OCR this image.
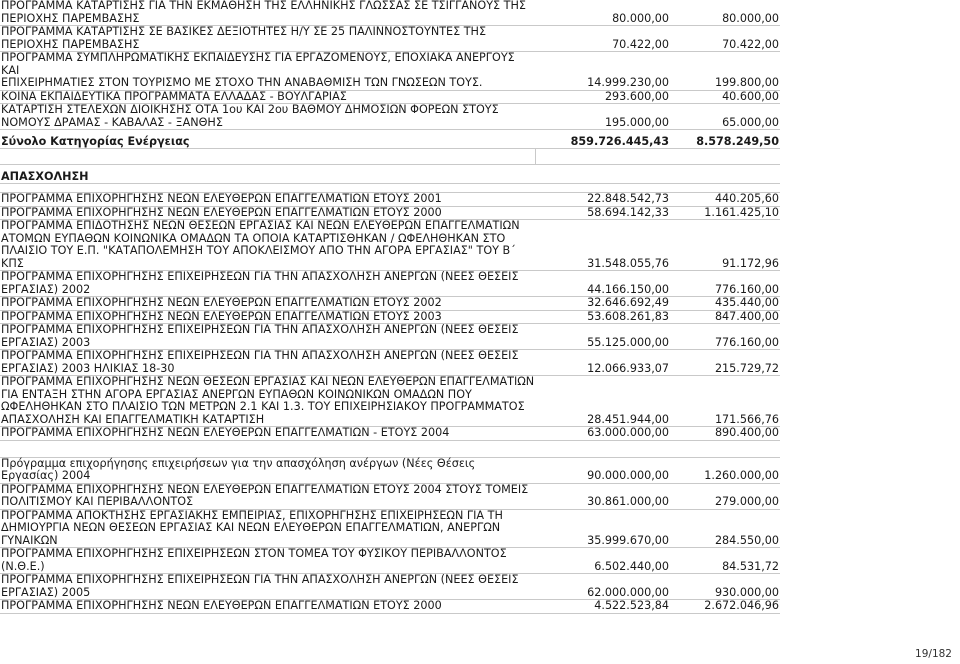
ΠΡΟΓΡΑΜΜΑ ΚΑΤΑΡΤΙΣΗΣ ΓΙΑ ΤΗΝ ΕΚΜΑΘΗΣΗ ΤΗΣ ΕΛΛΗΝΙΚΗΣ ΓΛΩΣΣΑΣ ΣΕ ΤΣΙΓΓΑΝΟΥΣ ΤΗΣ
ΠΕΡΙΟΧΗΣ ΠΑΡΕΜΒΑΣΗΣ	80.000,00	80.000,00
ΠΡΟΓΡΑΜΜΑ ΚΑΤΑΡΤΙΣΗΣ ΣΕ ΒΑΣΙΚΕΣ ΔΕΞΙΟΤΗΤΕΣ Η/Υ ΣΕ 25 ΠΑΛΙΝΝΟΣΤΟΥΝΤΕΣ ΤΗΣ
ΠΕΡΙΟΧΗΣ ΠΑΡΕΜΒΑΣΗΣ	70.422,00	70.422,00
ΠΡΟΓΡΑΜΜΑ ΣΥΜΠΛΗΡΩΜΑΤΙΚΗΣ ΕΚΠΑΙΔΕΥΣΗΣ ΓΙΑ ΕΡΓΑΖΟΜΕΝΟΥΣ, ΕΠΟΧΙΑΚΑ ΑΝΕΡΓΟΥΣ ΚΑΙ
ΕΠΙΧΕΙΡΗΜΑΤΙΕΣ ΣΤΟΝ ΤΟΥΡΙΣΜΟ ΜΕ ΣΤΟΧΟ ΤΗΝ ΑΝΑΒΑΘΜΙΣΗ ΤΩΝ ΓΝΩΣΕΩΝ ΤΟΥΣ.	14.999.230,00	199.800,00
ΚΟΙΝΑ ΕΚΠΑΙΔΕΥΤΙΚΑ ΠΡΟΓΡΑΜΜΑΤΑ ΕΛΛΑΔΑΣ - ΒΟΥΛΓΑΡΙΑΣ	293.600,00	40.600,00
ΚΑΤΑΡΤΙΣΗ ΣΤΕΛΕΧΩΝ ΔΙΟΙΚΗΣΗΣ ΟΤΑ 1ου ΚΑΙ 2ου ΒΑΘΜΟΥ ΔΗΜΟΣΙΩΝ ΦΟΡΕΩΝ ΣΤΟΥΣ
ΝΟΜΟΥΣ ΔΡΑΜΑΣ - ΚΑΒΑΛΑΣ - ΞΑΝΘΗΣ	195.000,00	65.000,00
Σύνολο Κατηγορίας Ενέργειας	859.726.445,43	8.578.249,50

ΑΠΑΣΧΟΛΗΣΗ		

ΠΡΟΓΡΑΜΜΑ ΕΠΙΧΟΡΗΓΗΣΗΣ ΝΕΩΝ ΕΛΕΥΘΕΡΩΝ ΕΠΑΓΓΕΛΜΑΤΙΩΝ ΕΤΟΥΣ 2001	22.848.542,73	440.205,60
ΠΡΟΓΡΑΜΜΑ ΕΠΙΧΟΡΗΓΗΣΗΣ ΝΕΩΝ ΕΛΕΥΘΕΡΩΝ ΕΠΑΓΓΕΛΜΑΤΙΩΝ ΕΤΟΥΣ 2000	58.694.142,33	1.161.425,10
ΠΡΟΓΡΑΜΜΑ ΕΠΙΔΟΤΗΣΗΣ ΝΕΩΝ ΘΕΣΕΩΝ ΕΡΓΑΣΙΑΣ ΚΑΙ ΝΕΩΝ ΕΛΕΥΘΕΡΩΝ ΕΠΑΓΓΕΛΜΑΤΙΩΝ
ΑΤΟΜΩΝ ΕΥΠΑΘΩΝ ΚΟΙΝΩΝΙΚΑ ΟΜΑΔΩΝ ΤΑ ΟΠΟΙΑ ΚΑΤΑΡΤΙΣΘΗΚΑΝ / ΩΦΕΛΗΘΗΚΑΝ ΣΤΟ
ΠΛΑΙΣΙΟ ΤΟΥ Ε.Π. "ΚΑΤΑΠΟΛΕΜΗΣΗ ΤΟΥ ΑΠΟΚΛΕΙΣΜΟΥ ΑΠΟ ΤΗΝ ΑΓΟΡΑ ΕΡΓΑΣΙΑΣ" ΤΟΥ Β΄
ΚΠΣ	31.548.055,76	91.172,96
ΠΡΟΓΡΑΜΜΑ ΕΠΙΧΟΡΗΓΗΣΗΣ ΕΠΙΧΕΙΡΗΣΕΩΝ ΓΙΑ ΤΗΝ ΑΠΑΣΧΟΛΗΣΗ ΑΝΕΡΓΩΝ (ΝΕΕΣ ΘΕΣΕΙΣ
ΕΡΓΑΣΙΑΣ) 2002	44.166.150,00	776.160,00
ΠΡΟΓΡΑΜΜΑ ΕΠΙΧΟΡΗΓΗΣΗΣ ΝΕΩΝ ΕΛΕΥΘΕΡΩΝ ΕΠΑΓΓΕΛΜΑΤΙΩΝ ΕΤΟΥΣ 2002	32.646.692,49	435.440,00
ΠΡΟΓΡΑΜΜΑ ΕΠΙΧΟΡΗΓΗΣΗΣ ΝΕΩΝ ΕΛΕΥΘΕΡΩΝ ΕΠΑΓΓΕΛΜΑΤΙΩΝ ΕΤΟΥΣ 2003	53.608.261,83	847.400,00
ΠΡΟΓΡΑΜΜΑ ΕΠΙΧΟΡΗΓΗΣΗΣ ΕΠΙΧΕΙΡΗΣΕΩΝ ΓΙΑ ΤΗΝ ΑΠΑΣΧΟΛΗΣΗ ΑΝΕΡΓΩΝ (ΝΕΕΣ ΘΕΣΕΙΣ
ΕΡΓΑΣΙΑΣ) 2003	55.125.000,00	776.160,00
ΠΡΟΓΡΑΜΜΑ ΕΠΙΧΟΡΗΓΗΣΗΣ ΕΠΙΧΕΙΡΗΣΕΩΝ ΓΙΑ ΤΗΝ ΑΠΑΣΧΟΛΗΣΗ ΑΝΕΡΓΩΝ (ΝΕΕΣ ΘΕΣΕΙΣ
ΕΡΓΑΣΙΑΣ) 2003 ΗΛΙΚΙΑΣ 18-30	12.066.933,07	215.729,72
ΠΡΟΓΡΑΜΜΑ ΕΠΙΧΟΡΗΓΗΣΗΣ ΝΕΩΝ ΘΕΣΕΩΝ ΕΡΓΑΣΙΑΣ ΚΑΙ ΝΕΩΝ ΕΛΕΥΘΕΡΩΝ ΕΠΑΓΓΕΛΜΑΤΙΩΝ
ΓΙΑ ΕΝΤΑΞΗ ΣΤΗΝ ΑΓΟΡΑ ΕΡΓΑΣΙΑΣ ΑΝΕΡΓΩΝ ΕΥΠΑΘΩΝ ΚΟΙΝΩΝΙΚΩΝ ΟΜΑΔΩΝ ΠΟΥ
ΩΦΕΛΗΘΗΚΑΝ ΣΤΟ ΠΛΑΙΣΙΟ ΤΩΝ ΜΕΤΡΩΝ 2.1 ΚΑΙ 1.3. ΤΟΥ ΕΠΙΧΕΙΡΗΣΙΑΚΟΥ ΠΡΟΓΡΑΜΜΑΤΟΣ
ΑΠΑΣΧΟΛΗΣΗ ΚΑΙ ΕΠΑΓΓΕΛΜΑΤΙΚΗ ΚΑΤΑΡΤΙΣΗ	28.451.944,00	171.566,76
ΠΡΟΓΡΑΜΜΑ ΕΠΙΧΟΡΗΓΗΣΗΣ ΝΕΩΝ ΕΛΕΥΘΕΡΩΝ ΕΠΑΓΓΕΛΜΑΤΙΩΝ - ΕΤΟΥΣ 2004	63.000.000,00	890.400,00

Πρόγραμμα επιχορήγησης επιχειρήσεων για την απασχόληση ανέργων (Νέες Θέσεις Εργασίας) 2004	90.000.000,00	1.260.000,00
ΠΡΟΓΡΑΜΜΑ ΕΠΙΧΟΡΗΓΗΣΗΣ ΝΕΩΝ ΕΛΕΥΘΕΡΩΝ ΕΠΑΓΓΕΛΜΑΤΙΩΝ ΕΤΟΥΣ 2004 ΣΤΟΥΣ ΤΟΜΕΙΣ
ΠΟΛΙΤΙΣΜΟΥ ΚΑΙ ΠΕΡΙΒΑΛΛΟΝΤΟΣ	30.861.000,00	279.000,00
ΠΡΟΓΡΑΜΜΑ ΑΠΟΚΤΗΣΗΣ ΕΡΓΑΣΙΑΚΗΣ ΕΜΠΕΙΡΙΑΣ, ΕΠΙΧΟΡΗΓΗΣΗΣ ΕΠΙΧΕΙΡΗΣΕΩΝ ΓΙΑ ΤΗ
ΔΗΜΙΟΥΡΓΙΑ ΝΕΩΝ ΘΕΣΕΩΝ ΕΡΓΑΣΙΑΣ ΚΑΙ ΝΕΩΝ ΕΛΕΥΘΕΡΩΝ ΕΠΑΓΓΕΛΜΑΤΙΩΝ, ΑΝΕΡΓΩΝ
ΓΥΝΑΙΚΩΝ	35.999.670,00	284.550,00
ΠΡΟΓΡΑΜΜΑ ΕΠΙΧΟΡΗΓΗΣΗΣ ΕΠΙΧΕΙΡΗΣΕΩΝ ΣΤΟΝ ΤΟΜΕΑ ΤΟΥ ΦΥΣΙΚΟΥ ΠΕΡΙΒΑΛΛΟΝΤΟΣ
(Ν.Θ.Ε.)	6.502.440,00	84.531,72
ΠΡΟΓΡΑΜΜΑ ΕΠΙΧΟΡΗΓΗΣΗΣ ΕΠΙΧΕΙΡΗΣΕΩΝ ΓΙΑ ΤΗΝ ΑΠΑΣΧΟΛΗΣΗ ΑΝΕΡΓΩΝ (ΝΕΕΣ ΘΕΣΕΙΣ
ΕΡΓΑΣΙΑΣ) 2005	62.000.000,00	930.000,00
ΠΡΟΓΡΑΜΜΑ ΕΠΙΧΟΡΗΓΗΣΗΣ ΝΕΩΝ ΕΛΕΥΘΕΡΩΝ ΕΠΑΓΓΕΛΜΑΤΙΩΝ ΕΤΟΥΣ 2000	4.522.523,84	2.672.046,96
19/182
